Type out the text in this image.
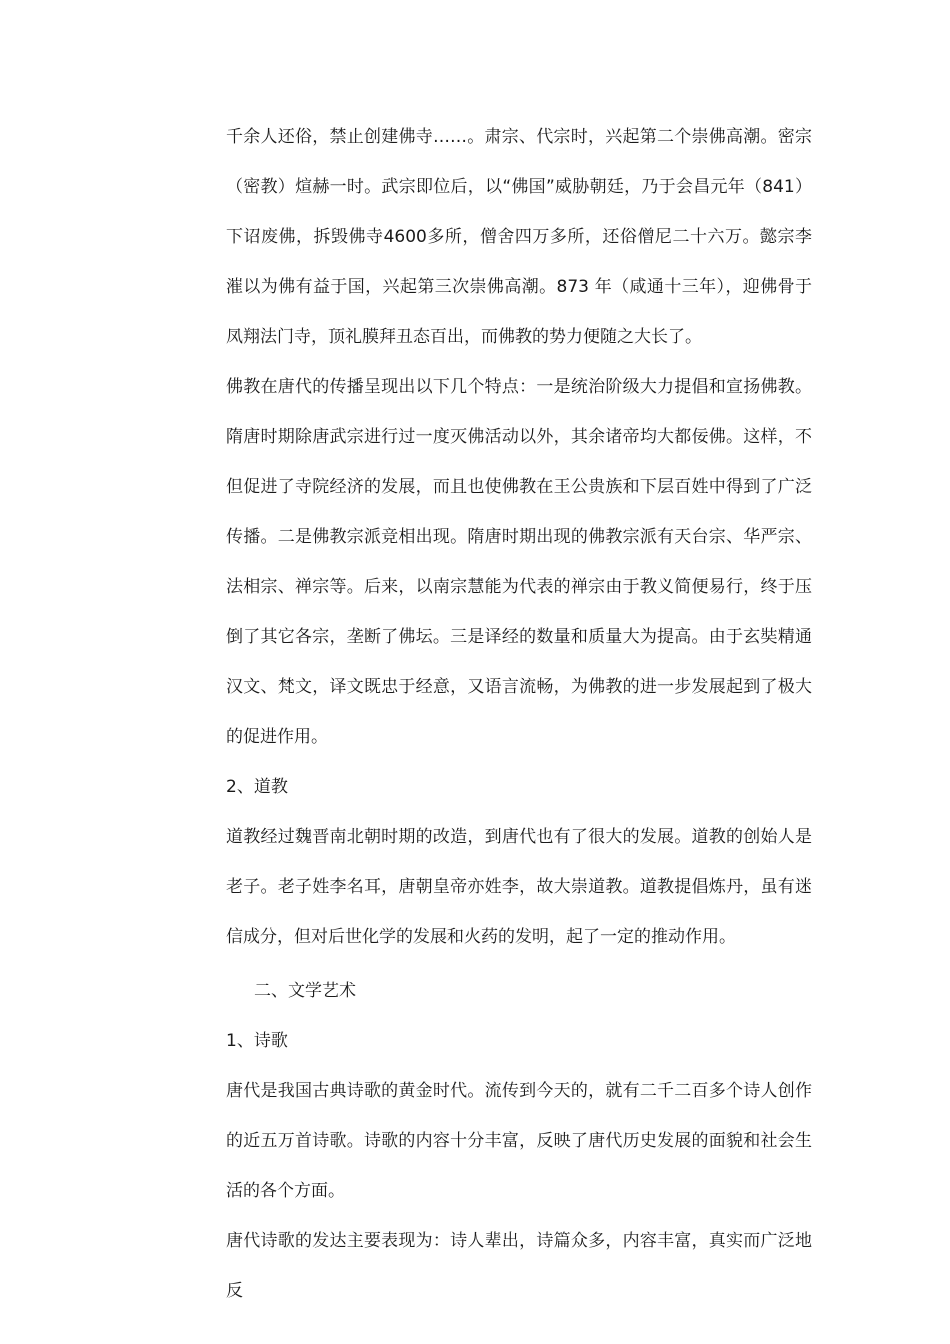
千余人还俗，禁止创建佛寺……。肃宗、代宗时，兴起第二个崇佛高潮。密宗（密教）煊赫一时。武宗即位后，以“佛国”威胁朝廷，乃于会昌元年（841）下诏废佛，拆毁佛寺4600多所，僧舍四万多所，还俗僧尼二十六万。懿宗李漼以为佛有益于国，兴起第三次崇佛高潮。873 年（咸通十三年），迎佛骨于凤翔法门寺，顶礼膜拜丑态百出，而佛教的势力便随之大长了。

佛教在唐代的传播呈现出以下几个特点：一是统治阶级大力提倡和宣扬佛教。隋唐时期除唐武宗进行过一度灭佛活动以外，其余诸帝均大都佞佛。这样，不但促进了寺院经济的发展，而且也使佛教在王公贵族和下层百姓中得到了广泛传播。二是佛教宗派竞相出现。隋唐时期出现的佛教宗派有天台宗、华严宗、法相宗、禅宗等。后来，以南宗慧能为代表的禅宗由于教义简便易行，终于压倒了其它各宗，垄断了佛坛。三是译经的数量和质量大为提高。由于玄奘精通汉文、梵文，译文既忠于经意，又语言流畅，为佛教的进一步发展起到了极大的促进作用。

2、道教

道教经过魏晋南北朝时期的改造，到唐代也有了很大的发展。道教的创始人是老子。老子姓李名耳，唐朝皇帝亦姓李，故大崇道教。道教提倡炼丹，虽有迷信成分，但对后世化学的发展和火药的发明，起了一定的推动作用。

二、文学艺术

1、诗歌

唐代是我国古典诗歌的黄金时代。流传到今天的，就有二千二百多个诗人创作的近五万首诗歌。诗歌的内容十分丰富，反映了唐代历史发展的面貌和社会生活的各个方面。

唐代诗歌的发达主要表现为：诗人辈出，诗篇众多，内容丰富，真实而广泛地反
